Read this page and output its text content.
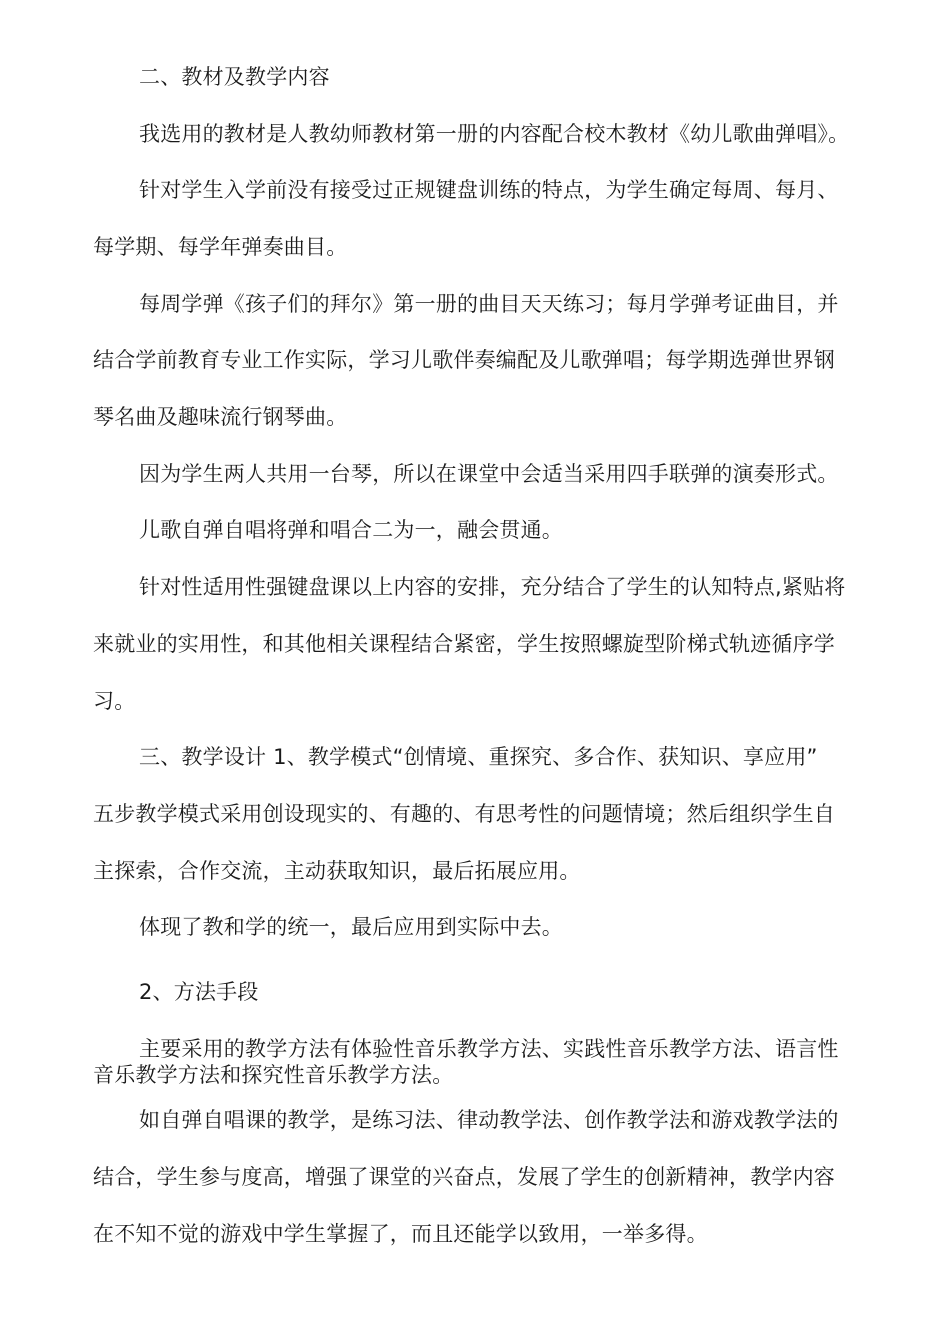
二、教材及教学内容
我选用的教材是人教幼师教材第一册的内容配合校木教材《幼儿歌曲弹唱》。
针对学生入学前没有接受过正规键盘训练的特点，为学生确定每周、每月、
每学期、每学年弹奏曲目。
每周学弹《孩子们的拜尔》第一册的曲目天天练习；每月学弹考证曲目，并
结合学前教育专业工作实际，学习儿歌伴奏编配及儿歌弹唱；每学期选弹世界钢
琴名曲及趣味流行钢琴曲。
因为学生两人共用一台琴，所以在课堂中会适当采用四手联弹的演奏形式。
儿歌自弹自唱将弹和唱合二为一，融会贯通。
针对性适用性强键盘课以上内容的安排，充分结合了学生的认知特点,紧贴将
来就业的实用性，和其他相关课程结合紧密，学生按照螺旋型阶梯式轨迹循序学
习。
三、教学设计 1、教学模式“创情境、重探究、多合作、获知识、享应用”
五步教学模式采用创设现实的、有趣的、有思考性的问题情境；然后组织学生自
主探索，合作交流，主动获取知识，最后拓展应用。
体现了教和学的统一，最后应用到实际中去。
2、方法手段
主要采用的教学方法有体验性音乐教学方法、实践性音乐教学方法、语言性
音乐教学方法和探究性音乐教学方法。
如自弹自唱课的教学，是练习法、律动教学法、创作教学法和游戏教学法的
结合，学生参与度高，增强了课堂的兴奋点，发展了学生的创新精神，教学内容
在不知不觉的游戏中学生掌握了，而且还能学以致用，一举多得。
